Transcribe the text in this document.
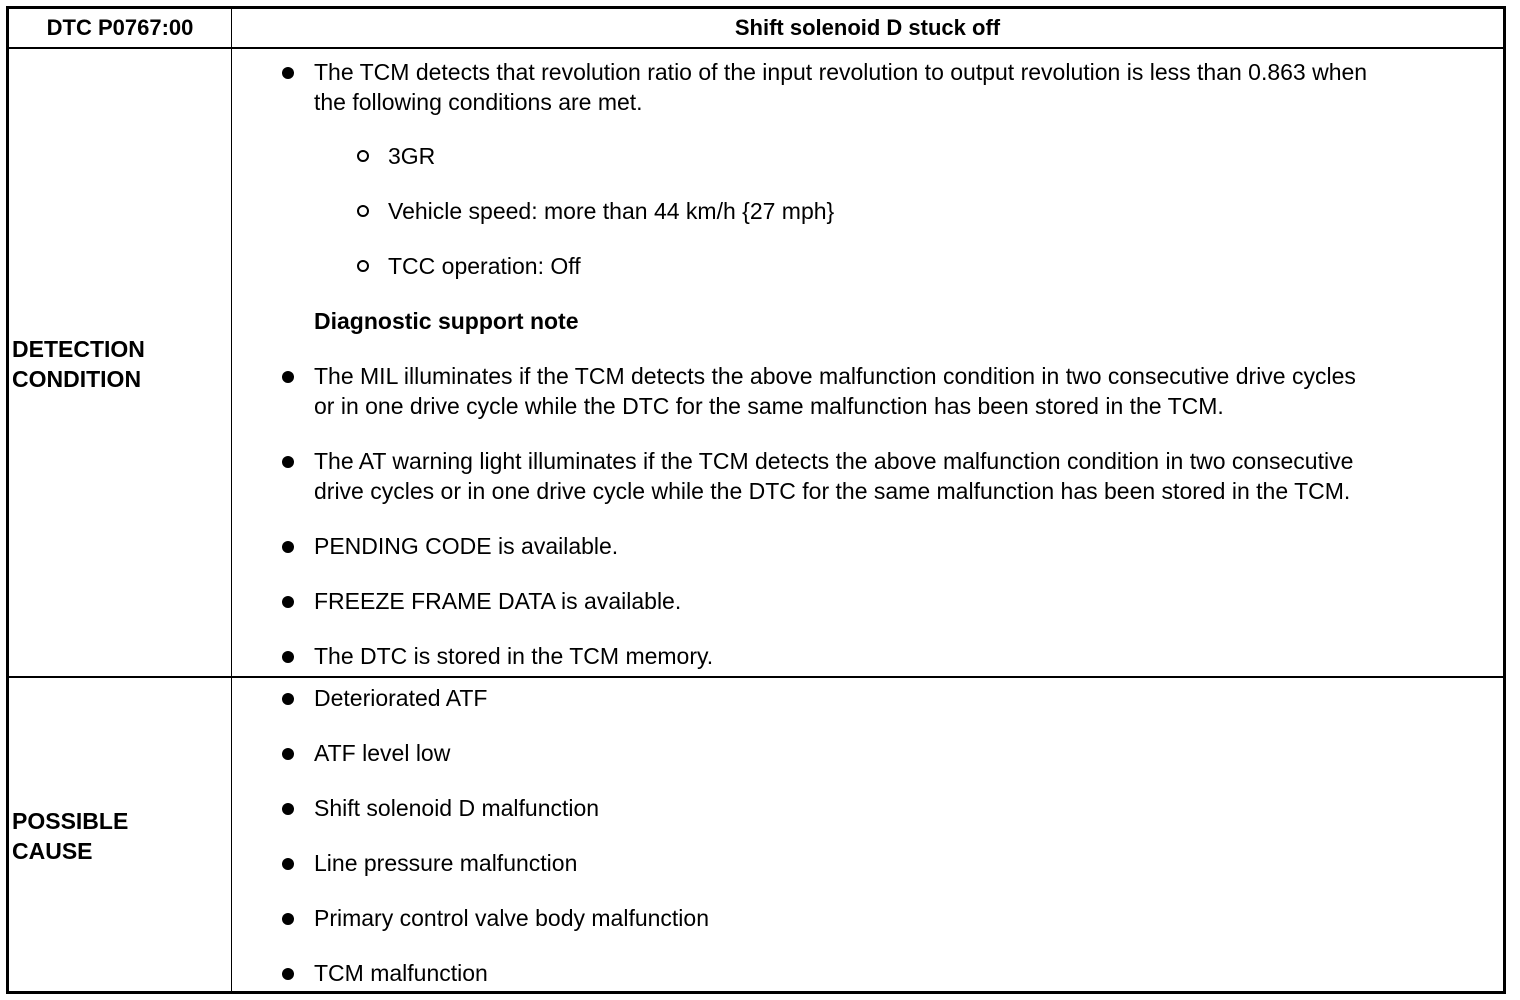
DTC P0767:00	Shift solenoid D stuck off
DETECTION
CONDITION
The TCM detects that revolution ratio of the input revolution to output revolution is less than 0.863 when
the following conditions are met.
3GR
Vehicle speed: more than 44 km/h {27 mph}
TCC operation: Off
Diagnostic support note
The MIL illuminates if the TCM detects the above malfunction condition in two consecutive drive cycles
or in one drive cycle while the DTC for the same malfunction has been stored in the TCM.
The AT warning light illuminates if the TCM detects the above malfunction condition in two consecutive
drive cycles or in one drive cycle while the DTC for the same malfunction has been stored in the TCM.
PENDING CODE is available.
FREEZE FRAME DATA is available.
The DTC is stored in the TCM memory.
POSSIBLE
CAUSE
Deteriorated ATF
ATF level low
Shift solenoid D malfunction
Line pressure malfunction
Primary control valve body malfunction
TCM malfunction
